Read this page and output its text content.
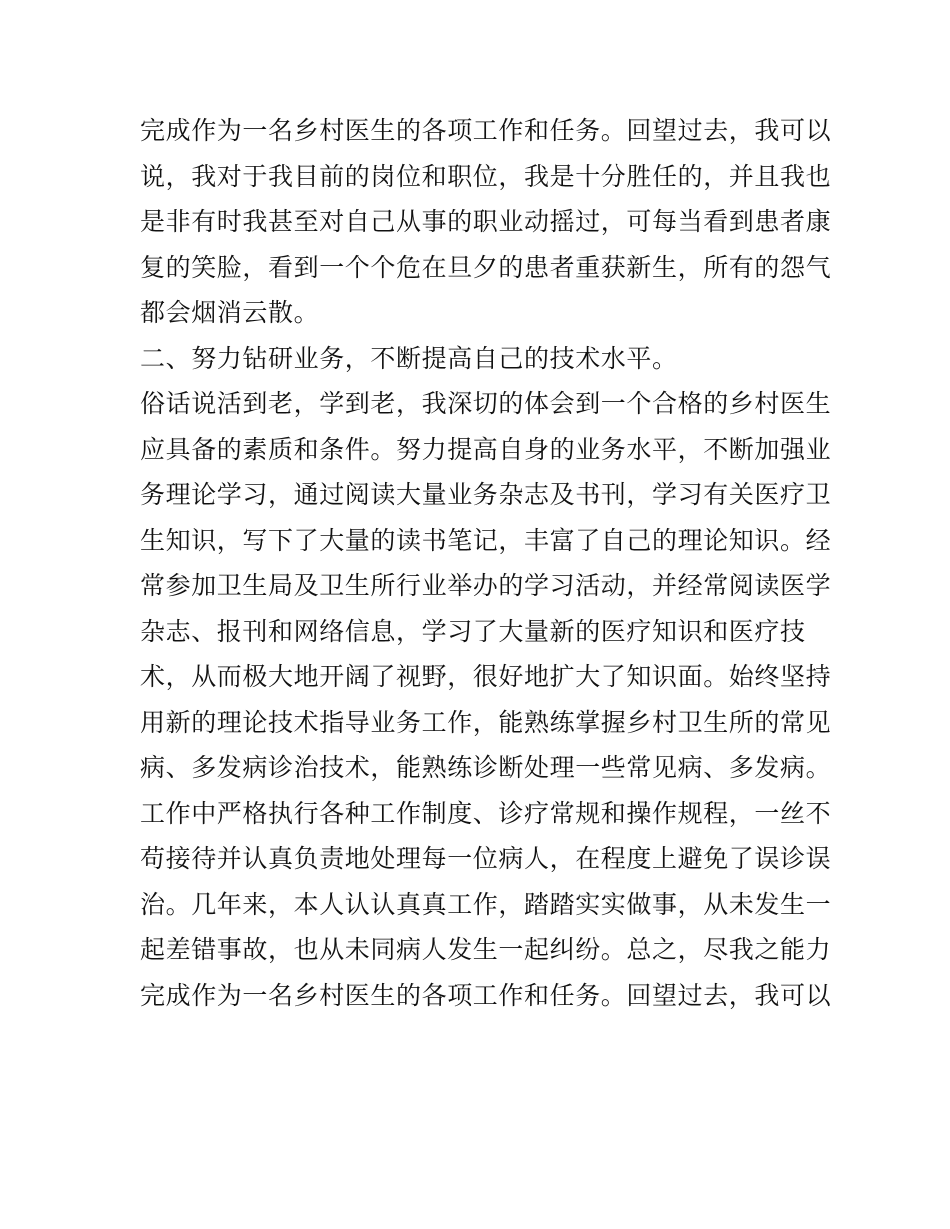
完成作为一名乡村医生的各项工作和任务。回望过去，我可以
说，我对于我目前的岗位和职位，我是十分胜任的，并且我也
是非有时我甚至对自己从事的职业动摇过，可每当看到患者康
复的笑脸，看到一个个危在旦夕的患者重获新生，所有的怨气
都会烟消云散。
二、努力钻研业务，不断提高自己的技术水平。
俗话说活到老，学到老，我深切的体会到一个合格的乡村医生
应具备的素质和条件。努力提高自身的业务水平，不断加强业
务理论学习，通过阅读大量业务杂志及书刊，学习有关医疗卫
生知识，写下了大量的读书笔记，丰富了自己的理论知识。经
常参加卫生局及卫生所行业举办的学习活动，并经常阅读医学
杂志、报刊和网络信息，学习了大量新的医疗知识和医疗技
术，从而极大地开阔了视野，很好地扩大了知识面。始终坚持
用新的理论技术指导业务工作，能熟练掌握乡村卫生所的常见
病、多发病诊治技术，能熟练诊断处理一些常见病、多发病。
工作中严格执行各种工作制度、诊疗常规和操作规程，一丝不
苟接待并认真负责地处理每一位病人，在程度上避免了误诊误
治。几年来，本人认认真真工作，踏踏实实做事，从未发生一
起差错事故，也从未同病人发生一起纠纷。总之，尽我之能力
完成作为一名乡村医生的各项工作和任务。回望过去，我可以
